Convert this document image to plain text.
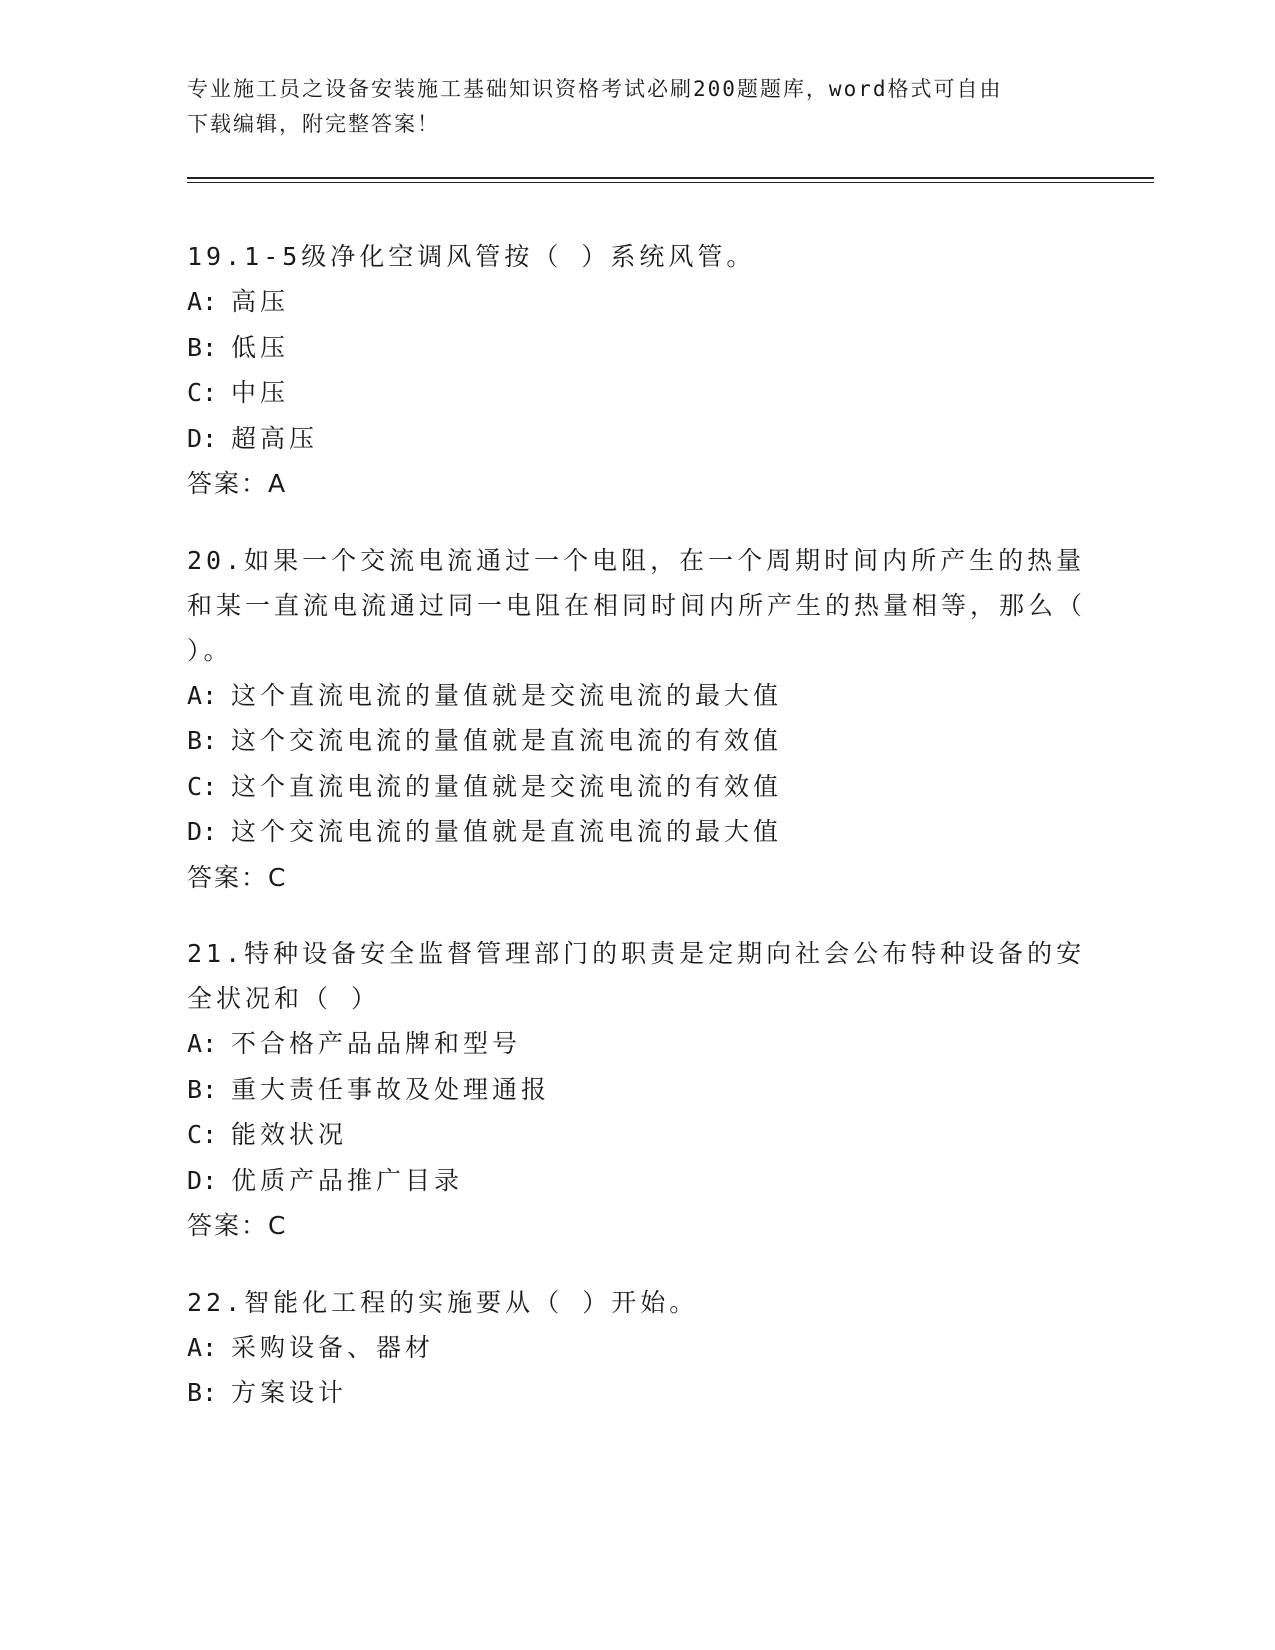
专业施工员之设备安装施工基础知识资格考试必刷200题题库，word格式可自由
下载编辑，附完整答案！
19.1-5级净化空调风管按（ ）系统风管。
A: 高压
B: 低压
C: 中压
D: 超高压
答案：A
20.如果一个交流电流通过一个电阻，在一个周期时间内所产生的热量和某一直流电流通过同一电阻在相同时间内所产生的热量相等，那么（ ）。
A: 这个直流电流的量值就是交流电流的最大值
B: 这个交流电流的量值就是直流电流的有效值
C: 这个直流电流的量值就是交流电流的有效值
D: 这个交流电流的量值就是直流电流的最大值
答案：C
21.特种设备安全监督管理部门的职责是定期向社会公布特种设备的安全状况和（ ）
A: 不合格产品品牌和型号
B: 重大责任事故及处理通报
C: 能效状况
D: 优质产品推广目录
答案：C
22.智能化工程的实施要从（ ）开始。
A: 采购设备、器材
B: 方案设计
